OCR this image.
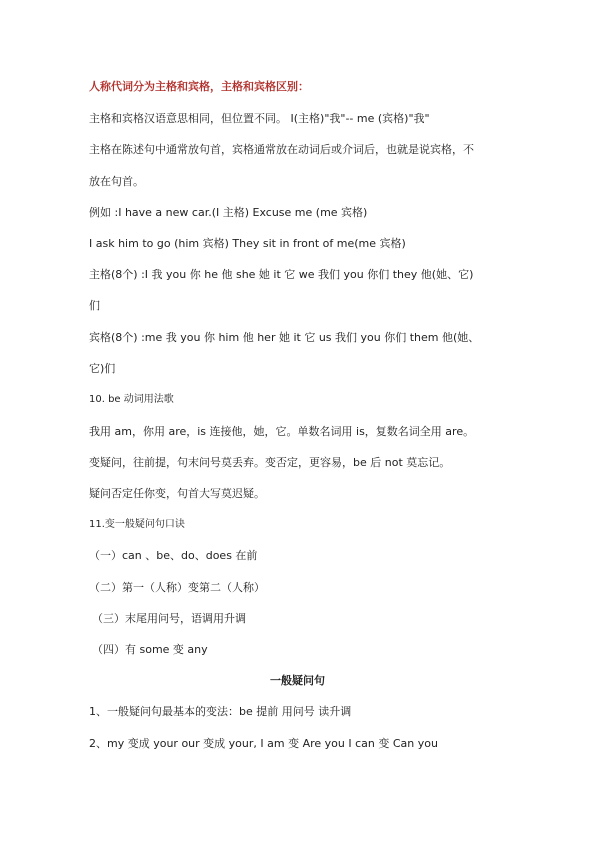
人称代词分为主格和宾格，主格和宾格区别：
主格和宾格汉语意思相同，但位置不同。 I(主格)"我"-- me (宾格)"我"
主格在陈述句中通常放句首，宾格通常放在动词后或介词后，也就是说宾格，不
放在句首。
例如 :I have a new car.(I 主格) Excuse me (me 宾格)
I ask him to go (him 宾格) They sit in front of me(me 宾格)
主格(8个) :I 我 you 你 he 他 she 她 it 它 we 我们 you 你们 they 他(她、它)
们
宾格(8个) :me 我 you 你 him 他 her 她 it 它 us 我们 you 你们 them 他(她、
它)们
10. be 动词用法歌
我用 am，你用 are，is 连接他，她，它。单数名词用 is，复数名词全用 are。
变疑问，往前提，句末问号莫丢弃。变否定，更容易，be 后 not 莫忘记。
疑问否定任你变，句首大写莫迟疑。
11.变一般疑问句口诀
（一）can 、be、do、does 在前
（二）第一（人称）变第二（人称）
（三）末尾用问号，语调用升调
（四）有 some 变 any
一般疑问句
1、一般疑问句最基本的变法：be 提前 用问号 读升调
2、my 变成 your our 变成 your, I am 变 Are you I can 变 Can you
